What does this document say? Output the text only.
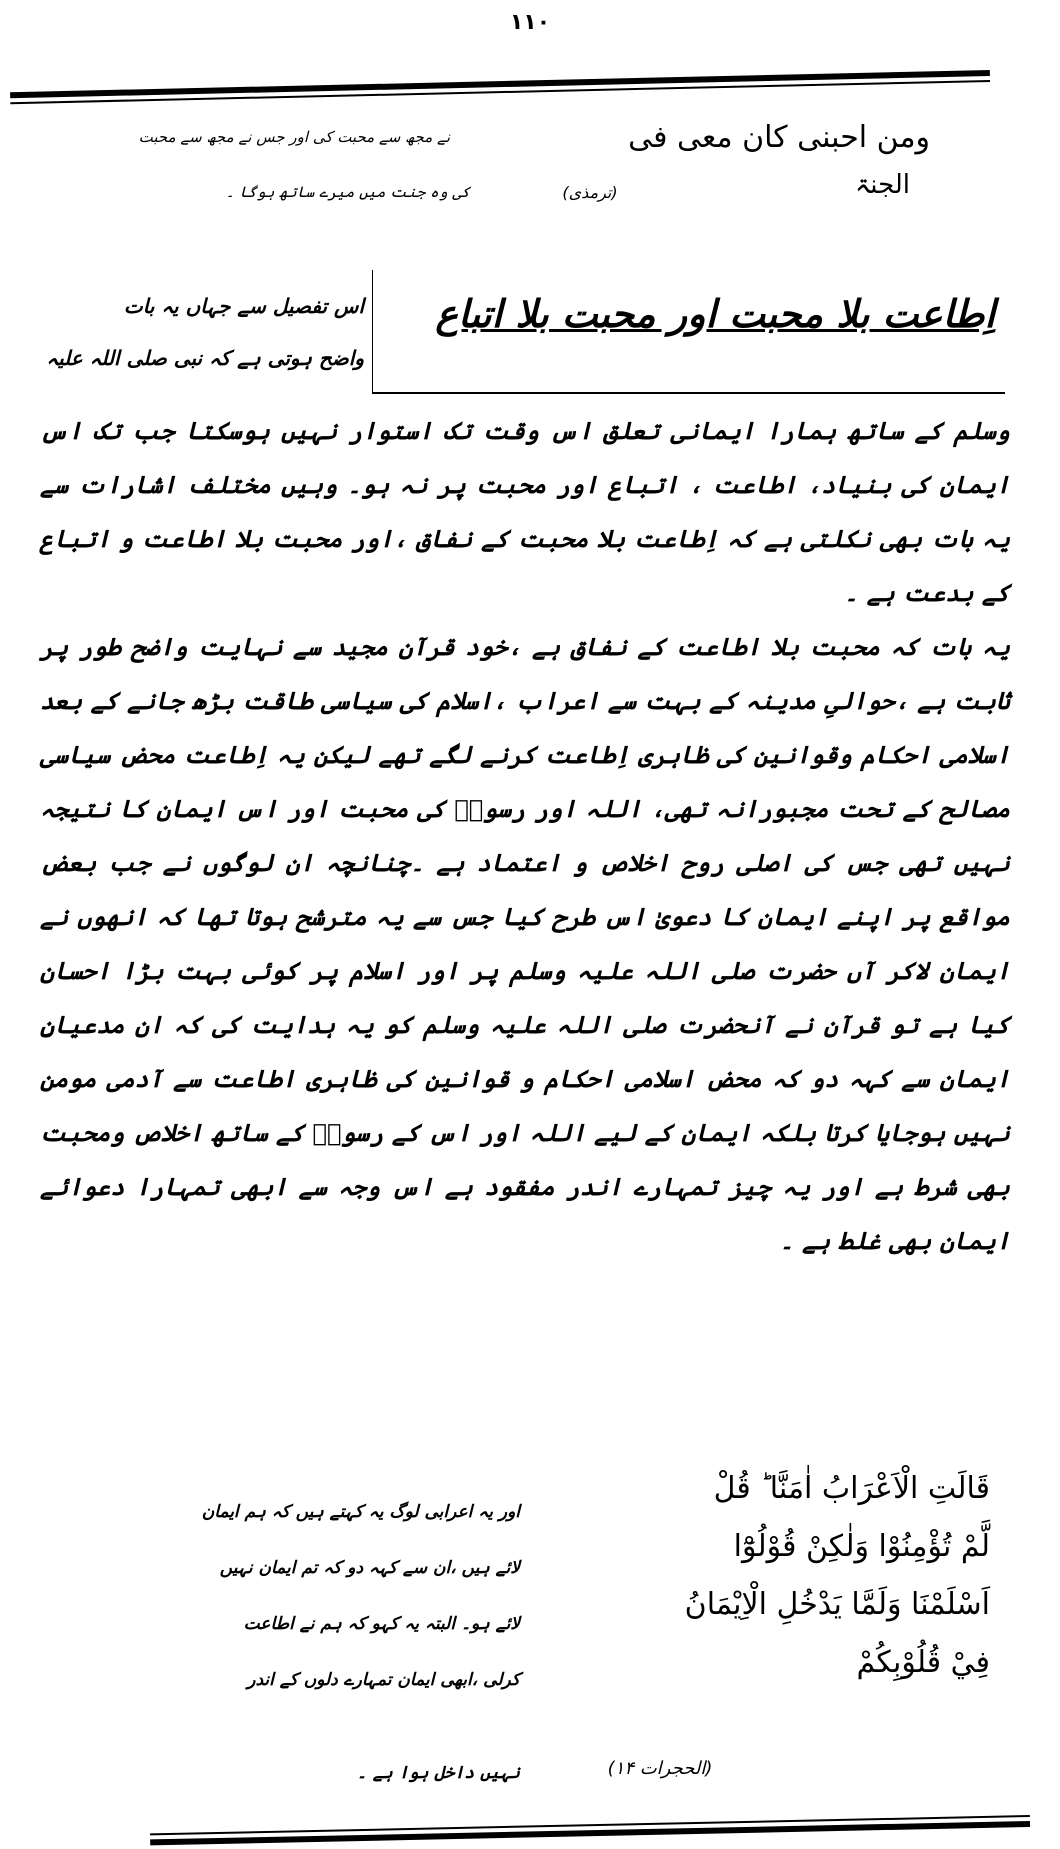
۱۱۰
ومن احبنی کان معی فی
نے مجھ سے محبت کی اور جس نے مجھ سے محبت
الجنۃ
(ترمذی)
کی وہ جنت میں میرے ساتھ ہوگا ۔
اِطاعت بلا محبت اور محبت بلا اتباع
اس تفصیل سے جہاں یہ بات
واضح ہوتی ہے کہ نبی صلی اللہ علیہ
وسلم کے ساتھ ہمارا ایمانی تعلق اس وقت تک استوار نہیں ہوسکتا جب تک اس ایمان کی بنیاد، اطاعت ، اتباع اور محبت پر نہ ہو۔ وہیں مختلف اشارات سے یہ بات بھی نکلتی ہے کہ اِطاعت بلا محبت کے نفاق ،اور محبت بلا اطاعت و اتباع کے بدعت ہے ۔
یہ بات کہ محبت بلا اطاعت کے نفاق ہے ،خود قرآن مجید سے نہایت واضح طور پر ثابت ہے ،حوالیِ مدینہ کے بہت سے اعراب ،اسلام کی سیاسی طاقت بڑھ جانے کے بعد اسلامی احکام وقوانین کی ظاہری اِطاعت کرنے لگے تھے لیکن یہ اِطاعت محض سیاسی مصالح کے تحت مجبورانہ تھی، اللہ اور رسولؐ کی محبت اور اس ایمان کا نتیجہ نہیں تھی جس کی اصلی روح اخلاص و اعتماد ہے ۔چنانچہ ان لوگوں نے جب بعض مواقع پر اپنے ایمان کا دعویٰ اس طرح کیا جس سے یہ مترشح ہوتا تھا کہ انھوں نے ایمان لاکر آں حضرت صلی اللہ علیہ وسلم پر اور اسلام پر کوئی بہت بڑا احسان کیا ہے تو قرآن نے آنحضرت صلی اللہ علیہ وسلم کو یہ ہدایت کی کہ ان مدعیانِ ایمان سے کہہ دو کہ محض اسلامی احکام و قوانین کی ظاہری اطاعت سے آدمی مومن نہیں ہوجایا کرتا بلکہ ایمان کے لیے اللہ اور اس کے رسولؐ کے ساتھ اخلاص ومحبت بھی شرط ہے اور یہ چیز تمہارے اندر مفقود ہے اس وجہ سے ابھی تمہارا دعوائے ایمان بھی غلط ہے ۔
قَالَتِ الْاَعْرَابُ اٰمَنَّا ؕ قُلْ
لَّمْ تُؤْمِنُوْا وَلٰكِنْ قُوْلُوْٓا
اَسْلَمْنَا وَلَمَّا يَدْخُلِ الْاِيْمَانُ
فِيْ قُلُوْبِكُمْ
اور یہ اعرابی لوگ یہ کہتے ہیں کہ ہم ایمان
لائے ہیں ،ان سے کہہ دو کہ تم ایمان نہیں
لائے ہو۔ البتہ یہ کہو کہ ہم نے اطاعت
کرلی ،ابھی ایمان تمہارے دلوں کے اندر
(الحجرات ۱۴)
نہیں داخل ہوا ہے ۔
